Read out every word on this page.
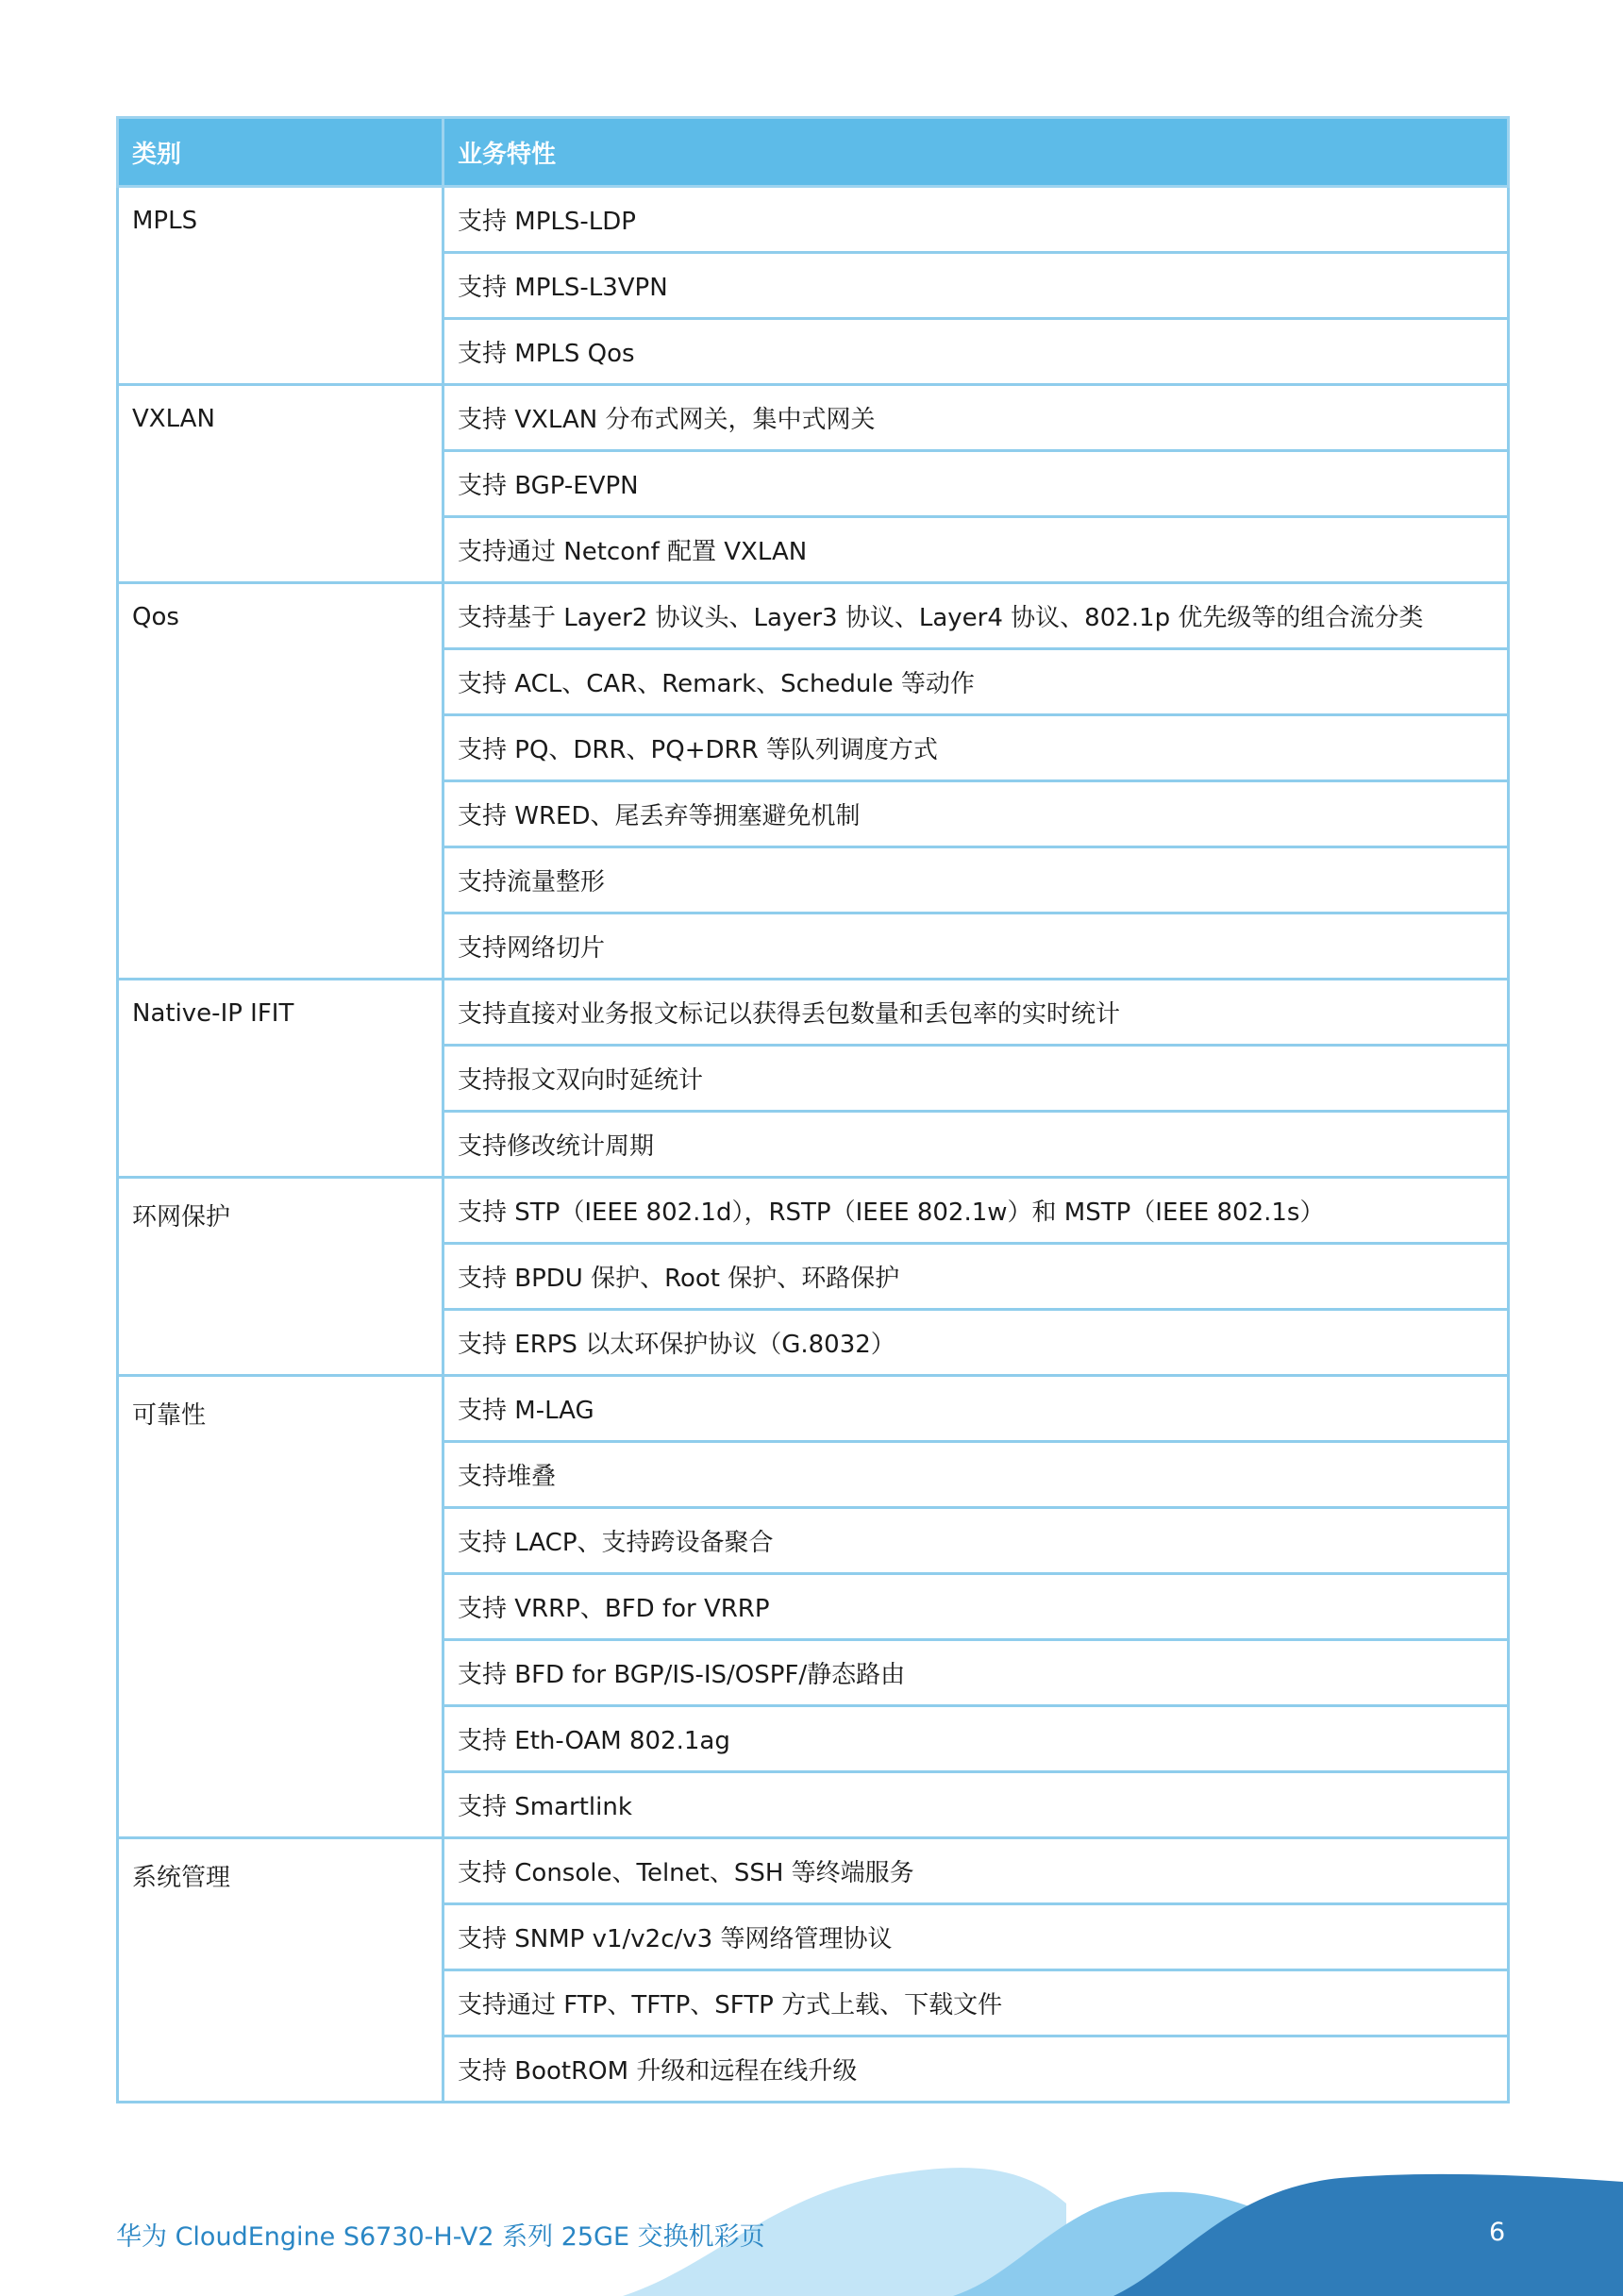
类别	业务特性
MPLS	支持 MPLS-LDP
	支持 MPLS-L3VPN
	支持 MPLS Qos
VXLAN	支持 VXLAN 分布式网关，集中式网关
	支持 BGP-EVPN
	支持通过 Netconf 配置 VXLAN
Qos	支持基于 Layer2 协议头、Layer3 协议、Layer4 协议、802.1p 优先级等的组合流分类
	支持 ACL、CAR、Remark、Schedule 等动作
	支持 PQ、DRR、PQ+DRR 等队列调度方式
	支持 WRED、尾丢弃等拥塞避免机制
	支持流量整形
	支持网络切片
Native-IP IFIT	支持直接对业务报文标记以获得丢包数量和丢包率的实时统计
	支持报文双向时延统计
	支持修改统计周期
环网保护	支持 STP（IEEE 802.1d），RSTP（IEEE 802.1w）和 MSTP（IEEE 802.1s）
	支持 BPDU 保护、Root 保护、环路保护
	支持 ERPS 以太环保护协议（G.8032）
可靠性	支持 M-LAG
	支持堆叠
	支持 LACP、支持跨设备聚合
	支持 VRRP、BFD for VRRP
	支持 BFD for BGP/IS-IS/OSPF/静态路由
	支持 Eth-OAM 802.1ag
	支持 Smartlink
系统管理	支持 Console、Telnet、SSH 等终端服务
	支持 SNMP v1/v2c/v3 等网络管理协议
	支持通过 FTP、TFTP、SFTP 方式上载、下载文件
	支持 BootROM 升级和远程在线升级
华为 CloudEngine S6730-H-V2 系列 25GE 交换机彩页	6
